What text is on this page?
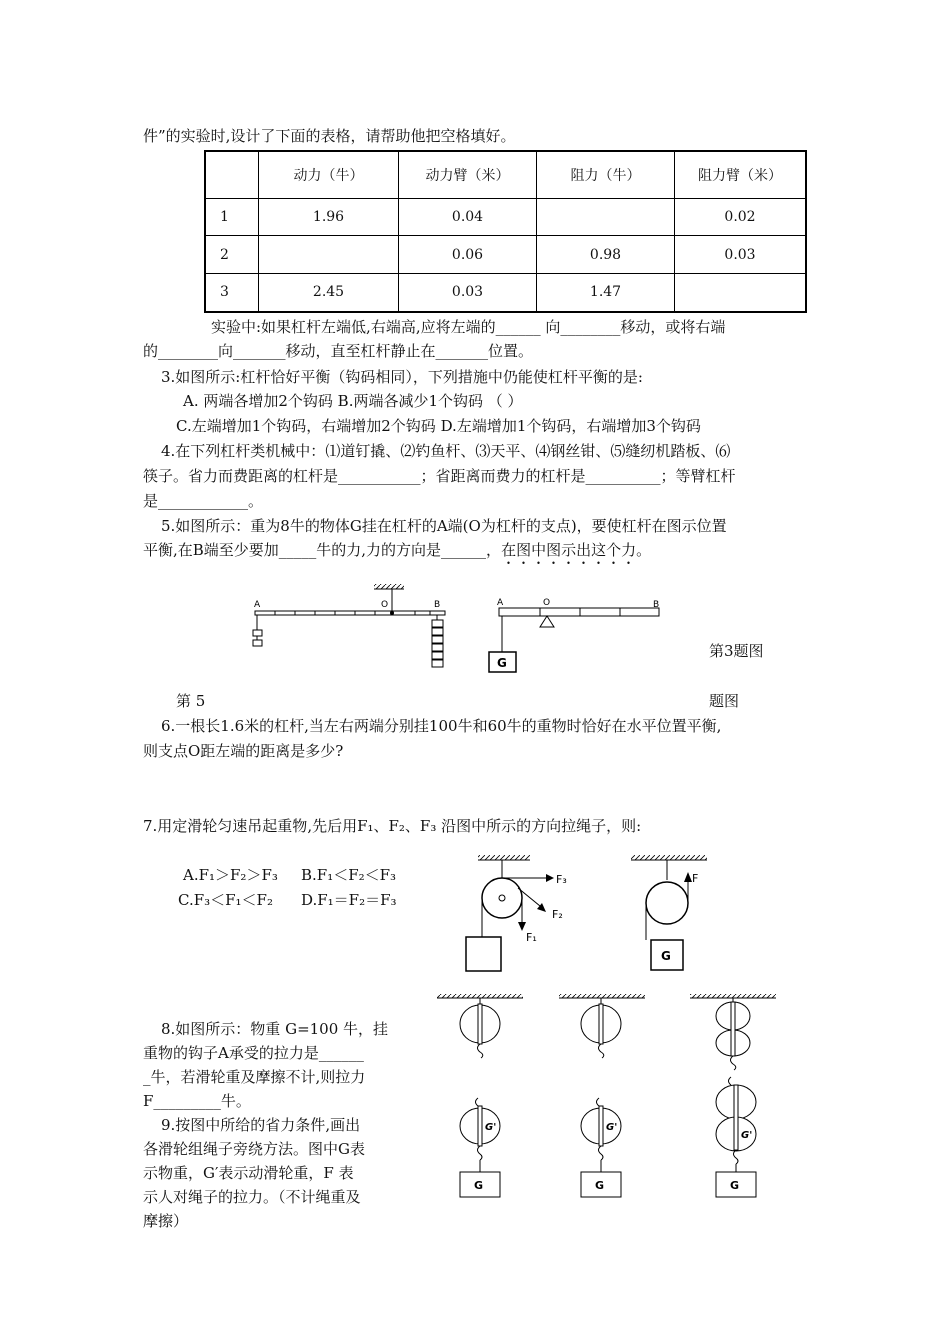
件”的实验时,设计了下面的表格，请帮助他把空格填好。
	动力（牛）	动力臂（米）	阻力（牛）	阻力臂（米）
1	1.96	0.04		0.02
2		0.06	0.98	0.03
3	2.45	0.03	1.47	
实验中:如果杠杆左端低,右端高,应将左端的______ 向________移动，或将右端
的________向_______移动，直至杠杆静止在_______位置。
3.如图所示:杠杆恰好平衡（钩码相同），下列措施中仍能使杠杆平衡的是:
A. 两端各增加2个钩码 B.两端各减少1个钩码 （ ）
C.左端增加1个钩码，右端增加2个钩码 D.左端增加1个钩码，右端增加3个钩码
4.在下列杠杆类机械中：⑴道钉撬、⑵钓鱼杆、⑶天平、⑷钢丝钳、⑸缝纫机踏板、⑹
筷子。省力而费距离的杠杆是___________；省距离而费力的杠杆是__________；等臂杠杆
是____________。
5.如图所示：重为8牛的物体G挂在杠杆的A端(O为杠杆的支点)，要使杠杆在图示位置
平衡,在B端至少要加_____牛的力,力的方向是______，在图中图示出这个力。
A	O	B
G
A	O	B
F₃
F₂
F₁
F
G
G'
G
G'
G
G'
G
第3题图
第 5	题图
6.一根长1.6米的杠杆,当左右两端分别挂100牛和60牛的重物时恰好在水平位置平衡,
则支点O距左端的距离是多少?
7.用定滑轮匀速吊起重物,先后用F₁、F₂、F₃ 沿图中所示的方向拉绳子，则:
A.F₁＞F₂＞F₃ B.F₁＜F₂＜F₃
C.F₃＜F₁＜F₂ D.F₁＝F₂＝F₃
8.如图所示：物重 G=100 牛，挂
重物的钩子A承受的拉力是______
_牛，若滑轮重及摩擦不计,则拉力
F_________牛。
9.按图中所给的省力条件,画出
各滑轮组绳子旁绕方法。图中G表
示物重，G′表示动滑轮重，F 表
示人对绳子的拉力。（不计绳重及
摩擦）
